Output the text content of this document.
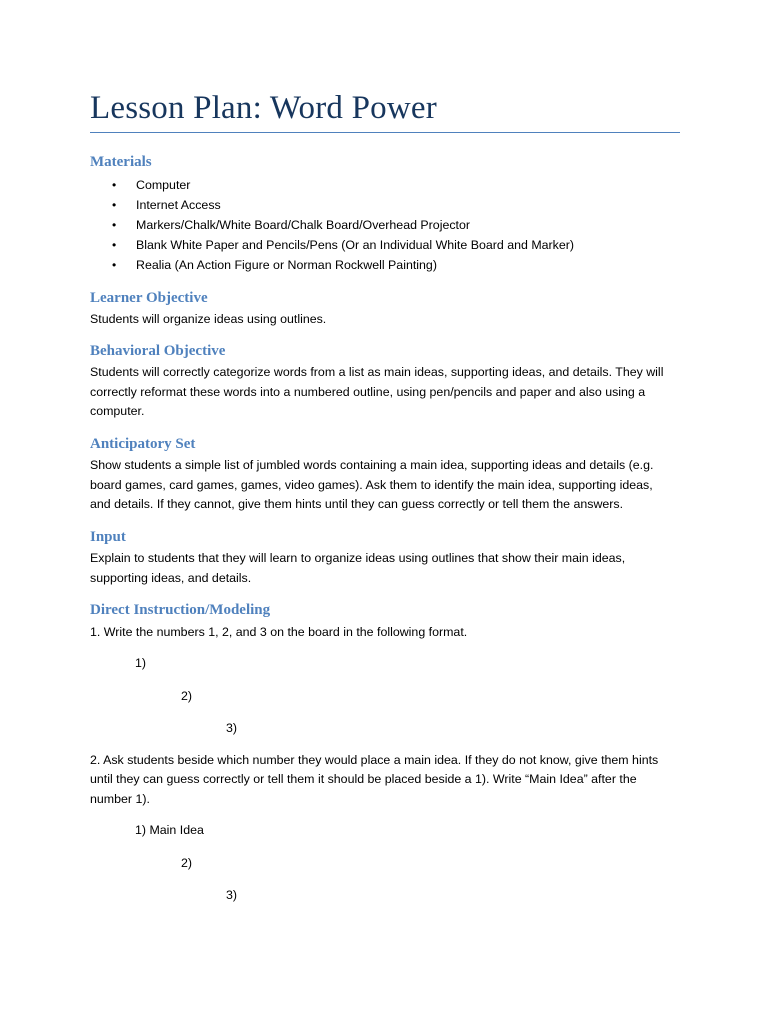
Lesson Plan: Word Power
Materials
• Computer
• Internet Access
• Markers/Chalk/White Board/Chalk Board/Overhead Projector
• Blank White Paper and Pencils/Pens (Or an Individual White Board and Marker)
• Realia (An Action Figure or Norman Rockwell Painting)
Learner Objective
Students will organize ideas using outlines.
Behavioral Objective
Students will correctly categorize words from a list as main ideas, supporting ideas, and details. They will
correctly reformat these words into a numbered outline, using pen/pencils and paper and also using a
computer.
Anticipatory Set
Show students a simple list of jumbled words containing a main idea, supporting ideas and details (e.g.
board games, card games, games, video games). Ask them to identify the main idea, supporting ideas,
and details. If they cannot, give them hints until they can guess correctly or tell them the answers.
Input
Explain to students that they will learn to organize ideas using outlines that show their main ideas,
supporting ideas, and details.
Direct Instruction/Modeling
1. Write the numbers 1, 2, and 3 on the board in the following format.
1)
2)
3)
2. Ask students beside which number they would place a main idea. If they do not know, give them hints
until they can guess correctly or tell them it should be placed beside a 1). Write “Main Idea” after the
number 1).
1) Main Idea
2)
3)
